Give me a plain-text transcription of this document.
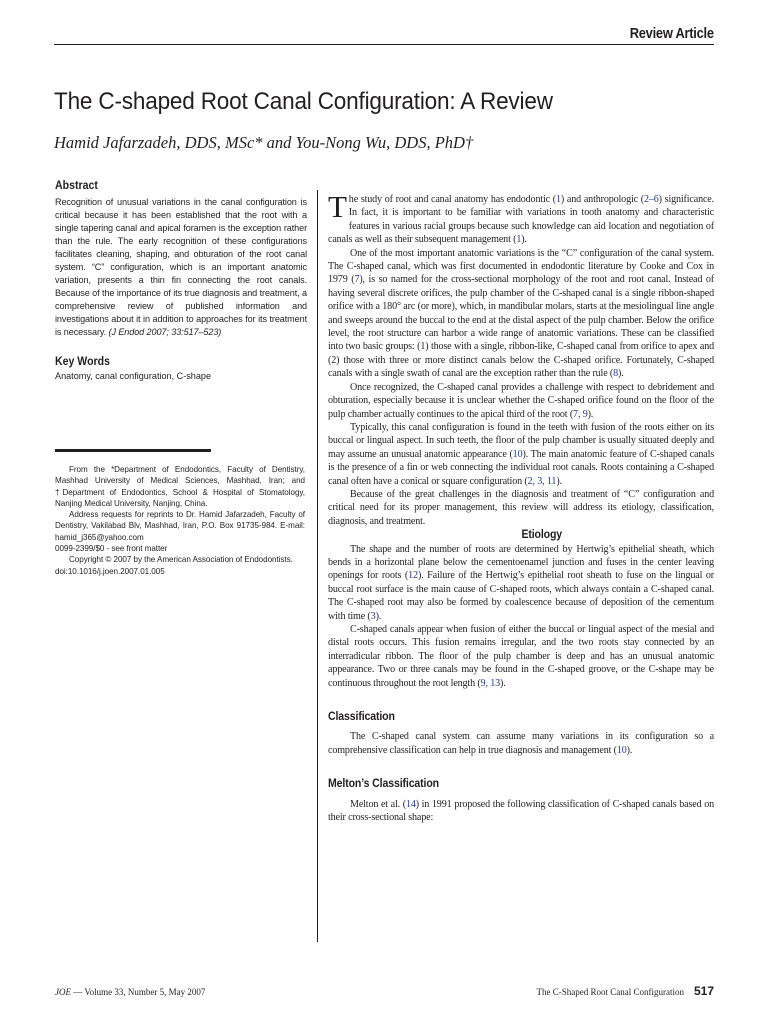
Review Article
The C-shaped Root Canal Configuration: A Review
Hamid Jafarzadeh, DDS, MSc* and You-Nong Wu, DDS, PhD†
Abstract

Recognition of unusual variations in the canal configuration is critical because it has been established that the root with a single tapering canal and apical foramen is the exception rather than the rule. The early recognition of these configurations facilitates cleaning, shaping, and obturation of the root canal system. “C” configuration, which is an important anatomic variation, presents a thin fin connecting the root canals. Because of the importance of its true diagnosis and treatment, a comprehensive review of published information and investigations about it in addition to approaches for its treatment is necessary. (J Endod 2007; 33:517–523)

Key Words

Anatomy, canal configuration, C-shape

From the *Department of Endodontics, Faculty of Dentistry, Mashhad University of Medical Sciences, Mashhad, Iran; and †Department of Endodontics, School & Hospital of Stomatology, Nanjing Medical University, Nanjing, China.

Address requests for reprints to Dr. Hamid Jafarzadeh, Faculty of Dentistry, Vakilabad Blv, Mashhad, Iran, P.O. Box 91735-984. E-mail: hamid_j365@yahoo.com

0099-2399/$0 - see front matter

Copyright © 2007 by the American Association of Endodontists.

doi:10.1016/j.joen.2007.01.005

The study of root and canal anatomy has endodontic (1) and anthropologic (2–6) significance. In fact, it is important to be familiar with variations in tooth anatomy and characteristic features in various racial groups because such knowledge can aid location and negotiation of canals as well as their subsequent management (1).

One of the most important anatomic variations is the “C” configuration of the canal system. The C-shaped canal, which was first documented in endodontic literature by Cooke and Cox in 1979 (7), is so named for the cross-sectional morphology of the root and root canal. Instead of having several discrete orifices, the pulp chamber of the C-shaped canal is a single ribbon-shaped orifice with a 180° arc (or more), which, in mandibular molars, starts at the mesiolingual line angle and sweeps around the buccal to the end at the distal aspect of the pulp chamber. Below the orifice level, the root structure can harbor a wide range of anatomic variations. These can be classified into two basic groups: (1) those with a single, ribbon-like, C-shaped canal from orifice to apex and (2) those with three or more distinct canals below the C-shaped orifice. Fortunately, C-shaped canals with a single swath of canal are the exception rather than the rule (8).

Once recognized, the C-shaped canal provides a challenge with respect to debridement and obturation, especially because it is unclear whether the C-shaped orifice found on the floor of the pulp chamber actually continues to the apical third of the root (7, 9).

Typically, this canal configuration is found in the teeth with fusion of the roots either on its buccal or lingual aspect. In such teeth, the floor of the pulp chamber is usually situated deeply and may assume an unusual anatomic appearance (10). The main anatomic feature of C-shaped canals is the presence of a fin or web connecting the individual root canals. Roots containing a C-shaped canal often have a conical or square configuration (2, 3, 11).

Because of the great challenges in the diagnosis and treatment of “C” configuration and critical need for its proper management, this review will address its etiology, classification, diagnosis, and treatment.

Etiology

The shape and the number of roots are determined by Hertwig’s epithelial sheath, which bends in a horizontal plane below the cementoenamel junction and fuses in the center leaving openings for roots (12). Failure of the Hertwig’s epithelial root sheath to fuse on the lingual or buccal root surface is the main cause of C-shaped roots, which always contain a C-shaped canal. The C-shaped root may also be formed by coalescence because of deposition of the cementum with time (3).

C-shaped canals appear when fusion of either the buccal or lingual aspect of the mesial and distal roots occurs. This fusion remains irregular, and the two roots stay connected by an interradicular ribbon. The floor of the pulp chamber is deep and has an unusual anatomic appearance. Two or three canals may be found in the C-shaped groove, or the C-shape may be continuous throughout the root length (9, 13).

Classification

The C-shaped canal system can assume many variations in its configuration so a comprehensive classification can help in true diagnosis and management (10).

Melton’s Classification

Melton et al. (14) in 1991 proposed the following classification of C-shaped canals based on their cross-sectional shape:

JOE — Volume 33, Number 5, May 2007	The C-Shaped Root Canal Configuration 517
